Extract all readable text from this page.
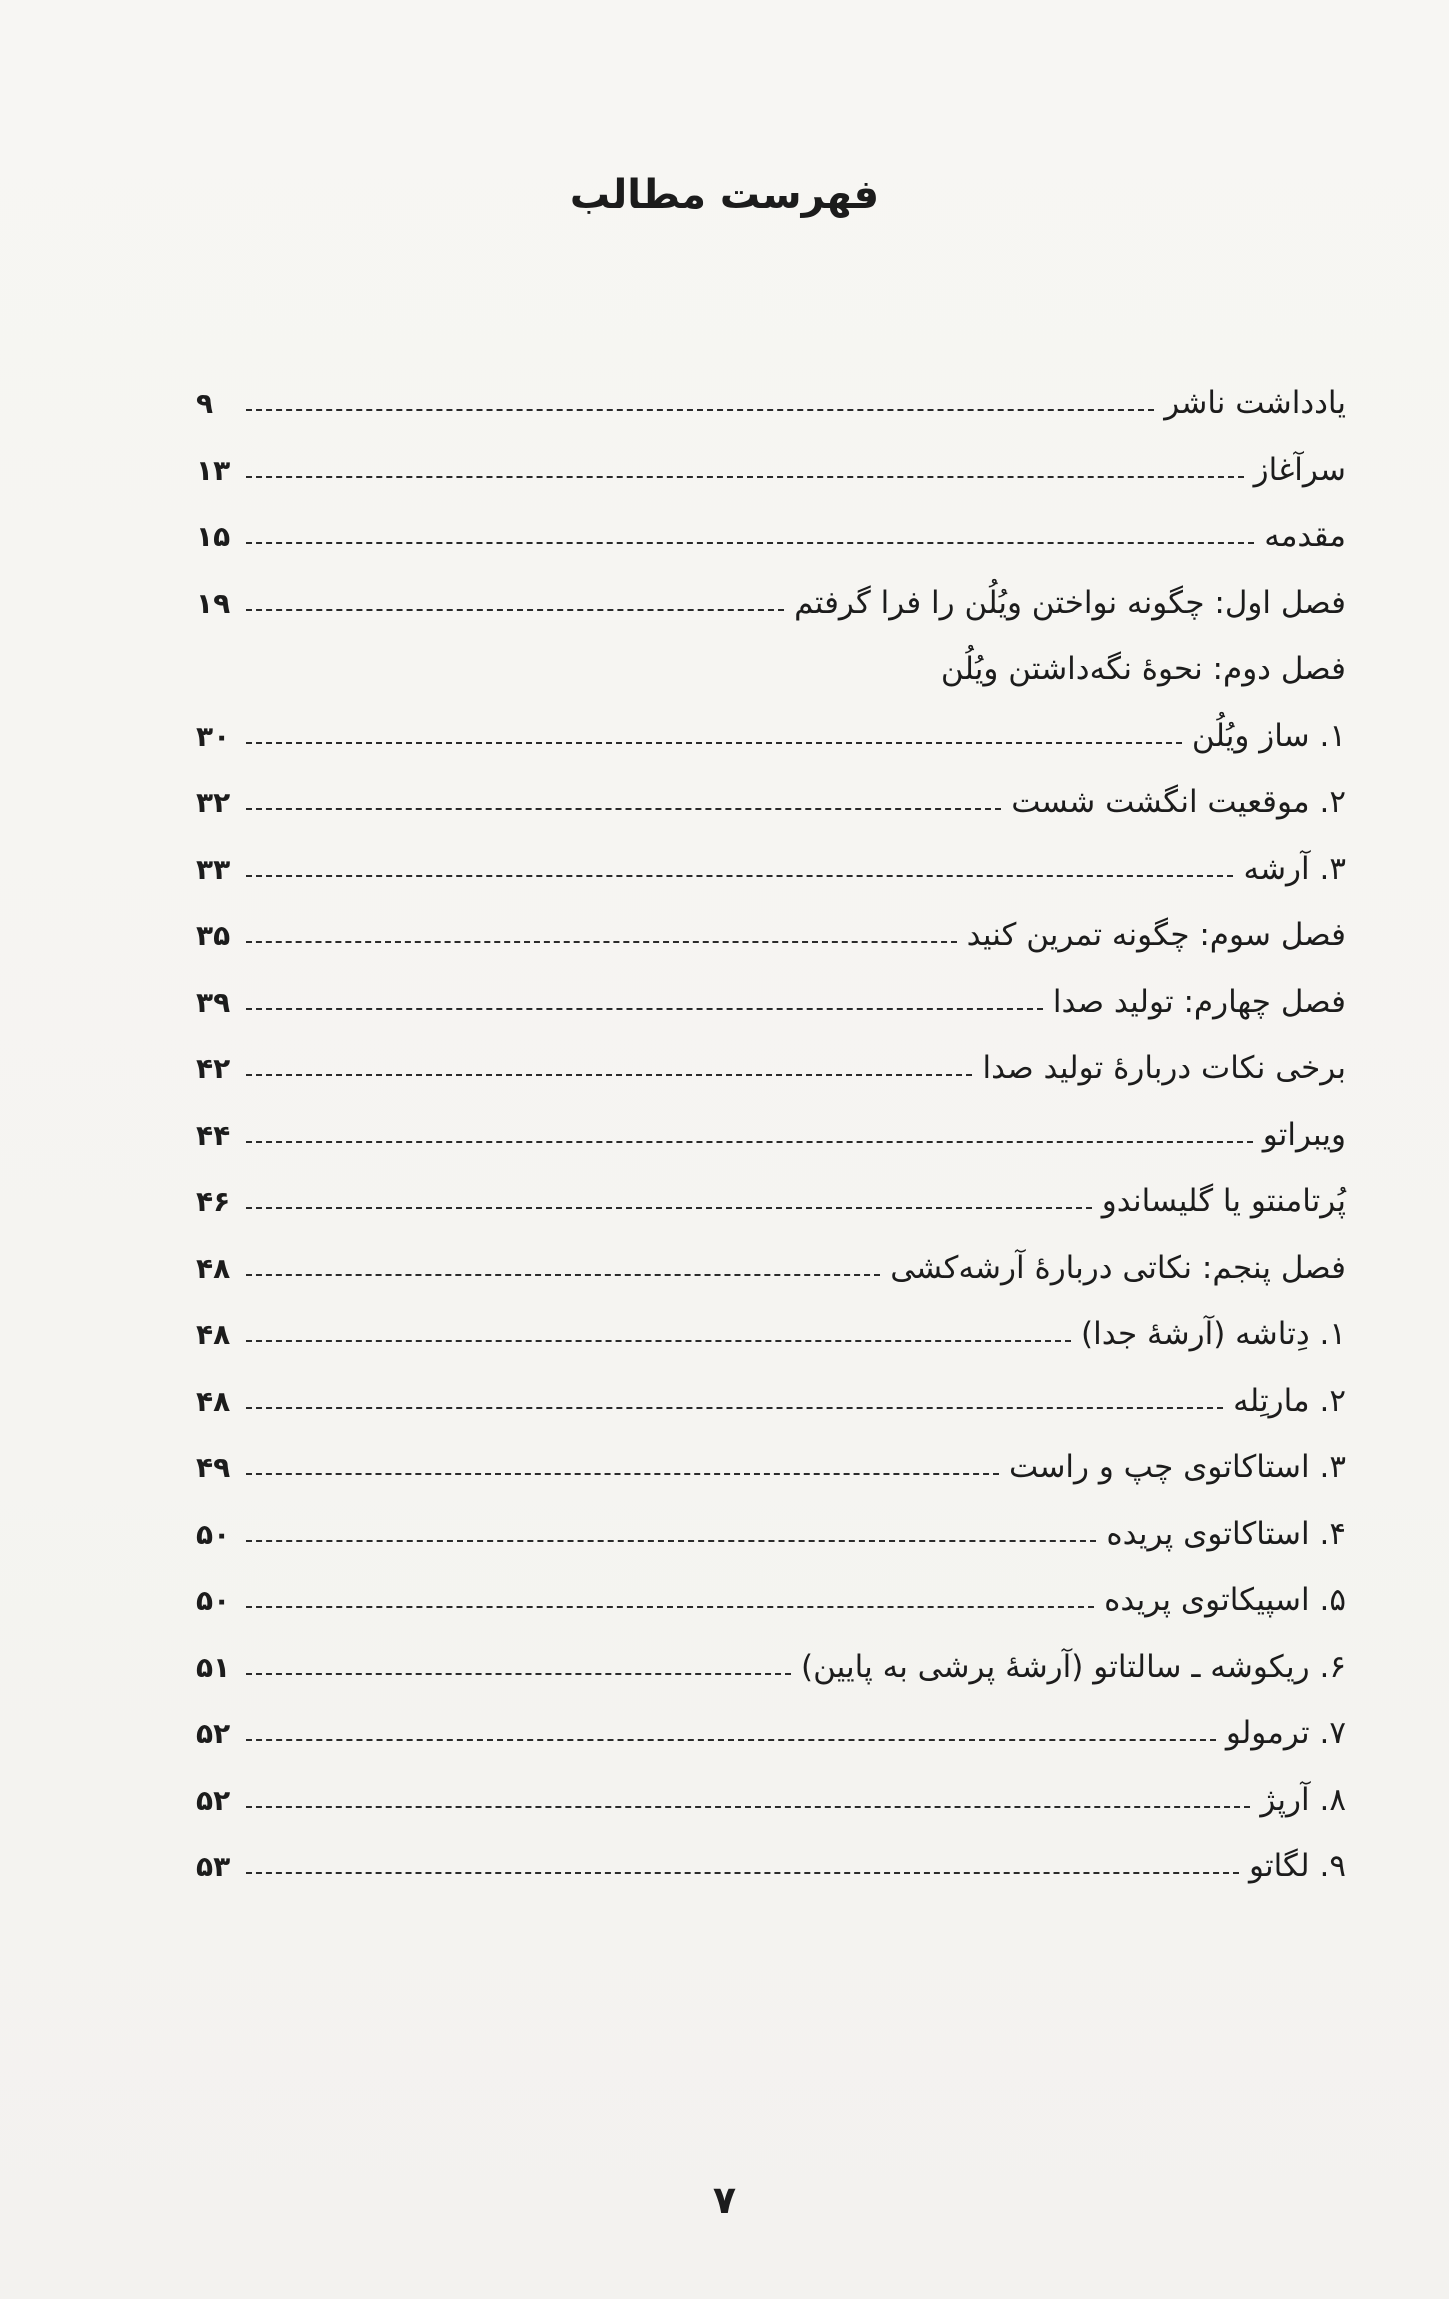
فهرست مطالب
یادداشت ناشر
۹
سرآغاز
۱۳
مقدمه
۱۵
فصل اول: چگونه نواختن ویُلُن را فرا گرفتم
۱۹
فصل دوم: نحوهٔ نگه‌داشتن ویُلُن
۱. ساز ویُلُن
۳۰
۲. موقعیت انگشت شست
۳۲
۳. آرشه
۳۳
فصل سوم: چگونه تمرین کنید
۳۵
فصل چهارم: تولید صدا
۳۹
برخی نکات دربارهٔ تولید صدا
۴۲
ویبراتو
۴۴
پُرتامنتو یا گلیساندو
۴۶
فصل پنجم: نکاتی دربارهٔ آرشه‌کشی
۴۸
۱. دِتاشه (آرشهٔ جدا)
۴۸
۲. مارتِله
۴۸
۳. استاکاتوی چپ و راست
۴۹
۴. استاکاتوی پریده
۵۰
۵. اسپیکاتوی پریده
۵۰
۶. ریکوشه ـ سالتاتو (آرشهٔ پرشی به پایین)
۵۱
۷. ترمولو
۵۲
۸. آرپژ
۵۲
۹. لگاتو
۵۳
۷
